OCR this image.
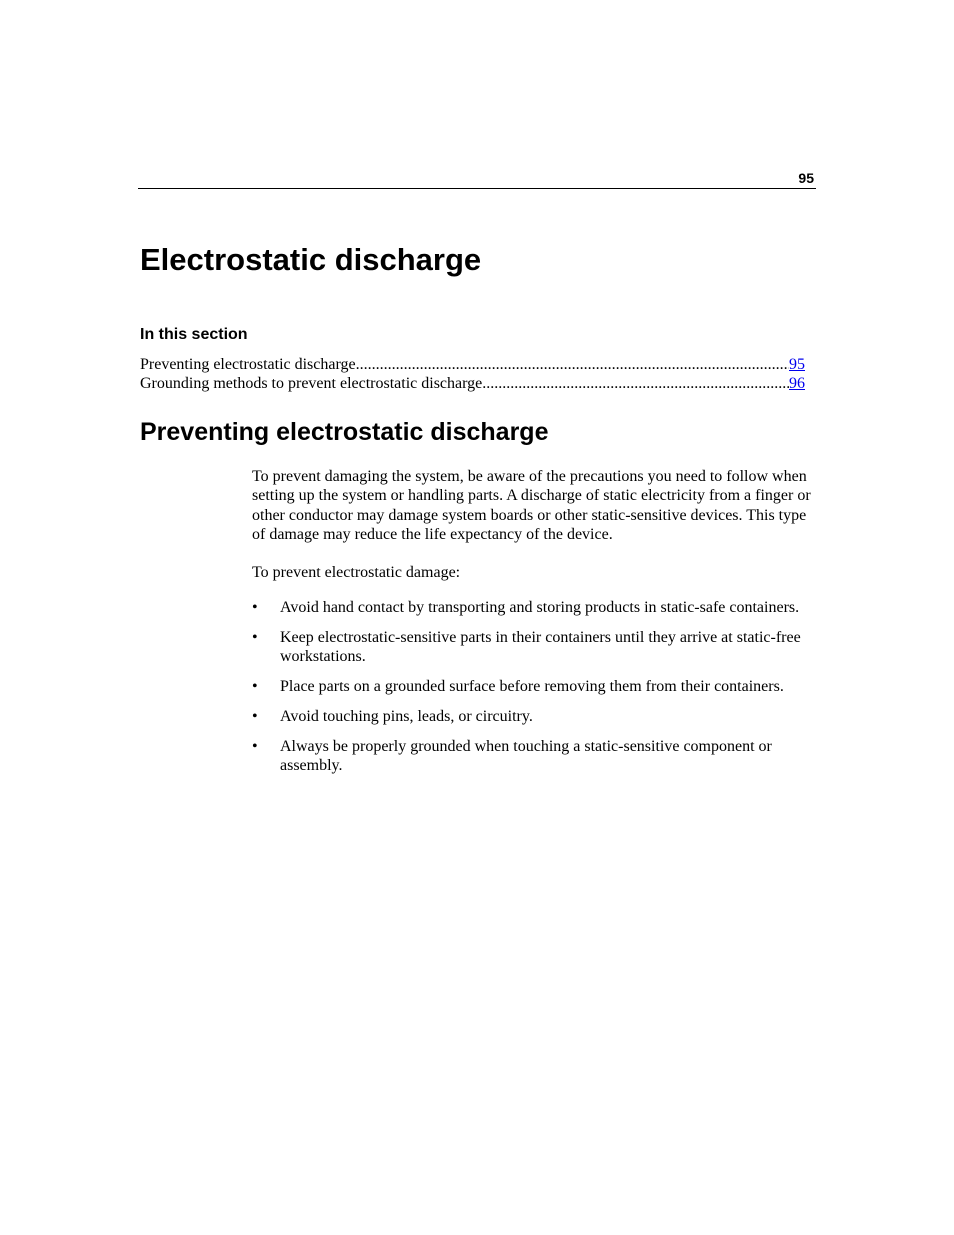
95
Electrostatic discharge
In this section
Preventing electrostatic discharge .....	95
Grounding methods to prevent electrostatic discharge .....	96
Preventing electrostatic discharge

To prevent damaging the system, be aware of the precautions you need to follow when setting up the system or handling parts. A discharge of static electricity from a finger or other conductor may damage system boards or other static-sensitive devices. This type of damage may reduce the life expectancy of the device.

To prevent electrostatic damage:

• Avoid hand contact by transporting and storing products in static-safe containers.
• Keep electrostatic-sensitive parts in their containers until they arrive at static-free workstations.
• Place parts on a grounded surface before removing them from their containers.
• Avoid touching pins, leads, or circuitry.
• Always be properly grounded when touching a static-sensitive component or assembly.
